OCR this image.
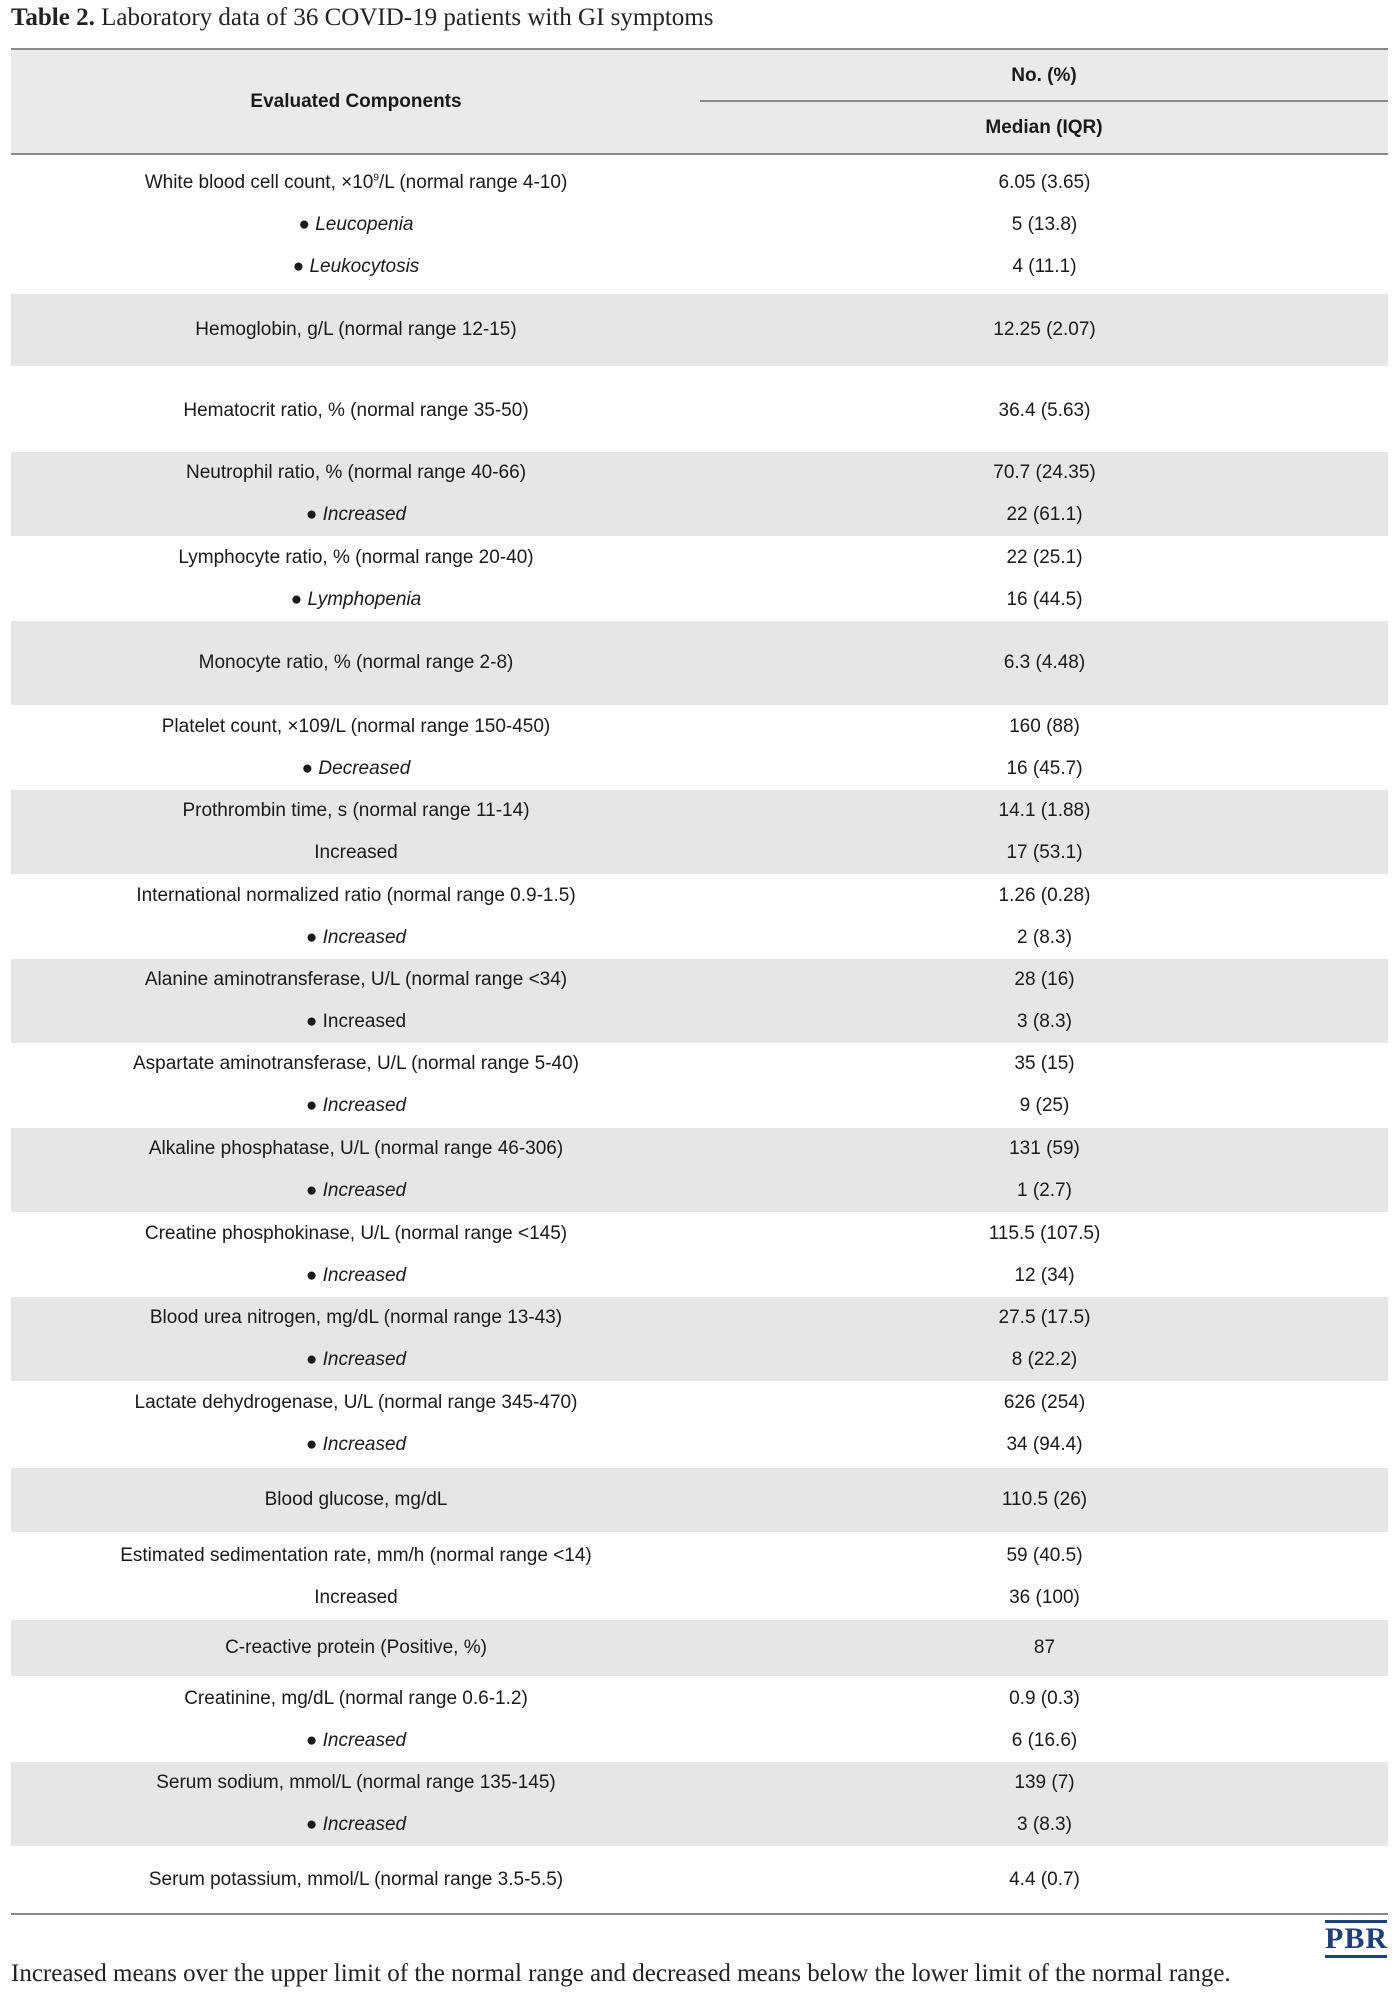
Table 2. Laboratory data of 36 COVID-19 patients with GI symptoms
Evaluated Components
No. (%)
Median (IQR)
White blood cell count, $\times 10^9/L$ (normal range 4-10)	6.05 (3.65)
● Leucopenia	5 (13.8)
● Leukocytosis	4 (11.1)
Hemoglobin, g/L (normal range 12-15)	12.25 (2.07)
Hematocrit ratio, % (normal range 35-50)	36.4 (5.63)
Neutrophil ratio, % (normal range 40-66)	70.7 (24.35)
● Increased	22 (61.1)
Lymphocyte ratio, % (normal range 20-40)	22 (25.1)
● Lymphopenia	16 (44.5)
Monocyte ratio, % (normal range 2-8)	6.3 (4.48)
Platelet count, ×109/L (normal range 150-450)	160 (88)
● Decreased	16 (45.7)
Prothrombin time, s (normal range 11-14)	14.1 (1.88)
Increased	17 (53.1)
International normalized ratio (normal range 0.9-1.5)	1.26 (0.28)
● Increased	2 (8.3)
Alanine aminotransferase, U/L (normal range <34)	28 (16)
● Increased	3 (8.3)
Aspartate aminotransferase, U/L (normal range 5-40)	35 (15)
● Increased	9 (25)
Alkaline phosphatase, U/L (normal range 46-306)	131 (59)
● Increased	1 (2.7)
Creatine phosphokinase, U/L (normal range <145)	115.5 (107.5)
● Increased	12 (34)
Blood urea nitrogen, mg/dL (normal range 13-43)	27.5 (17.5)
● Increased	8 (22.2)
Lactate dehydrogenase, U/L (normal range 345-470)	626 (254)
● Increased	34 (94.4)
Blood glucose, mg/dL	110.5 (26)
Estimated sedimentation rate, mm/h (normal range <14)	59 (40.5)
Increased	36 (100)
C-reactive protein (Positive, %)	87
Creatinine, mg/dL (normal range 0.6-1.2)	0.9 (0.3)
● Increased	6 (16.6)
Serum sodium, mmol/L (normal range 135-145)	139 (7)
● Increased	3 (8.3)
Serum potassium, mmol/L (normal range 3.5-5.5)	4.4 (0.7)
PBR
Increased means over the upper limit of the normal range and decreased means below the lower limit of the normal range.
